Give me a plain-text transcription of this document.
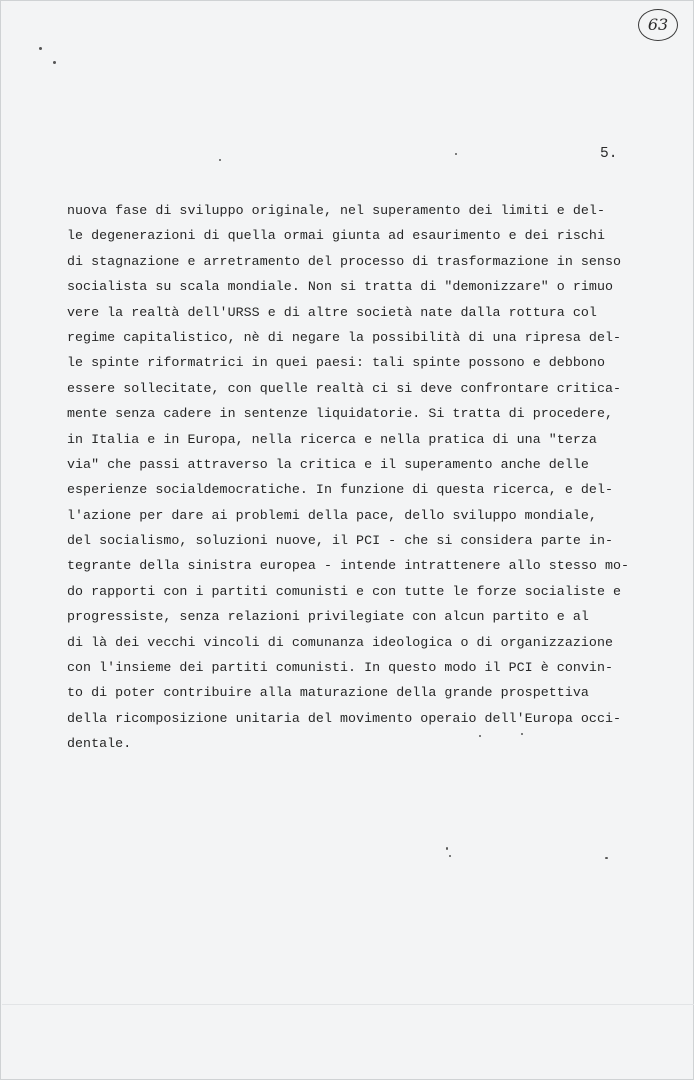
63
5.
nuova fase di sviluppo originale, nel superamento dei limiti e del-
le degenerazioni di quella ormai giunta ad esaurimento e dei rischi
di stagnazione e arretramento del processo di trasformazione in senso
socialista su scala mondiale. Non si tratta di "demonizzare" o rimuo
vere la realtà dell'URSS e di altre società nate dalla rottura col
regime capitalistico, nè di negare la possibilità di una ripresa del-
le spinte riformatrici in quei paesi: tali spinte possono e debbono
essere sollecitate, con quelle realtà ci si deve confrontare critica-
mente senza cadere in sentenze liquidatorie. Si tratta di procedere,
in Italia e in Europa, nella ricerca e nella pratica di una "terza
via" che passi attraverso la critica e il superamento anche delle
esperienze socialdemocratiche. In funzione di questa ricerca, e del-
l'azione per dare ai problemi della pace, dello sviluppo mondiale,
del socialismo, soluzioni nuove, il PCI - che si considera parte in-
tegrante della sinistra europea - intende intrattenere allo stesso mo-
do rapporti con i partiti comunisti e con tutte le forze socialiste e
progressiste, senza relazioni privilegiate con alcun partito e al
di là dei vecchi vincoli di comunanza ideologica o di organizzazione
con l'insieme dei partiti comunisti. In questo modo il PCI è convin-
to di poter contribuire alla maturazione della grande prospettiva
della ricomposizione unitaria del movimento operaio dell'Europa occi-
dentale.
